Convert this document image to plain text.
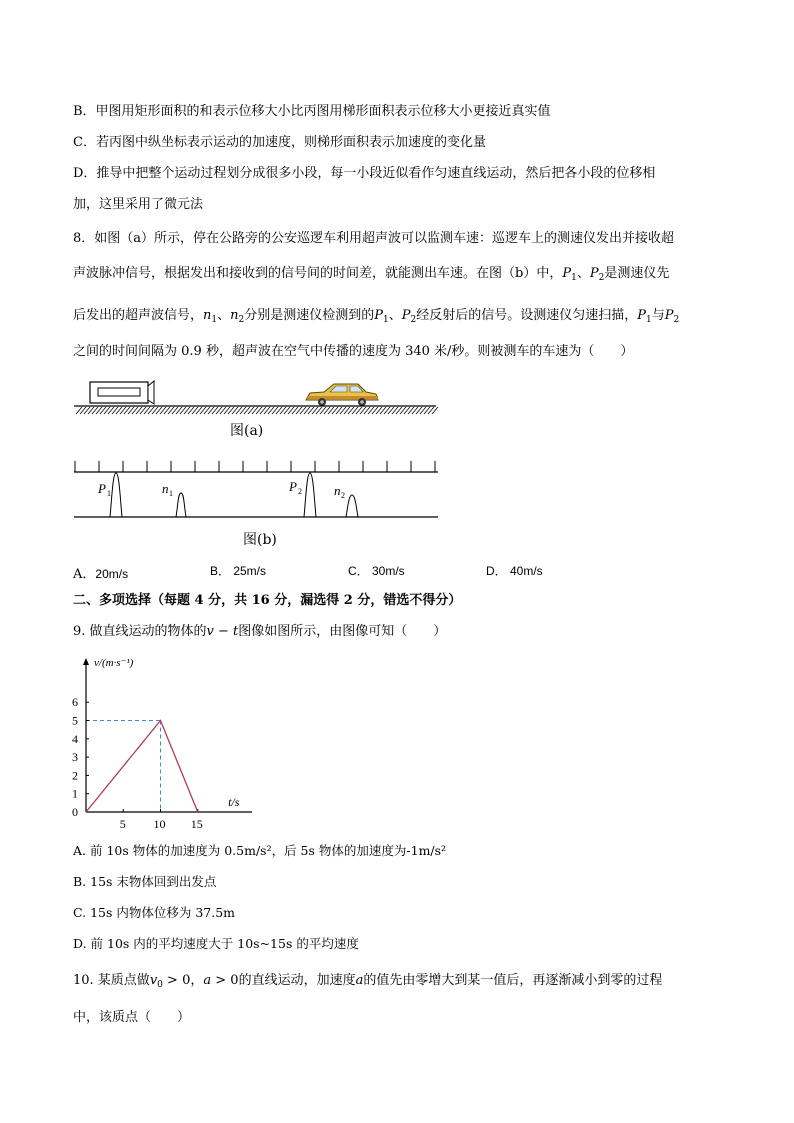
B．甲图用矩形面积的和表示位移大小比丙图用梯形面积表示位移大小更接近真实值
C．若丙图中纵坐标表示运动的加速度，则梯形面积表示加速度的变化量
D．推导中把整个运动过程划分成很多小段，每一小段近似看作匀速直线运动，然后把各小段的位移相
加，这里采用了微元法
8．如图（a）所示，停在公路旁的公安巡逻车利用超声波可以监测车速：巡逻车上的测速仪发出并接收超
声波脉冲信号，根据发出和接收到的信号间的时间差，就能测出车速。在图（b）中，$P_1$、$P_2$是测速仪先
后发出的超声波信号，$n_1$、$n_2$分别是测速仪检测到的$P_1$、$P_2$经反射后的信号。设测速仪匀速扫描，$P_1$与$P_2$
之间的时间间隔为 0.9 秒，超声波在空气中传播的速度为 340 米/秒。则被测车的车速为（　　）
图(a)
P 1	n 1	P 2 n 2
图(b)
A．20m/s	B． 25m/s	C． 30m/s	D． 40m/s
二、多项选择（每题 4 分，共 16 分，漏选得 2 分，错选不得分）
9. 做直线运动的物体的v − t图像如图所示，由图像可知（　　）
v/(m·s⁻¹)
t/s
0
1
2
3
4
5
6
5 10 15
A. 前 10s 物体的加速度为 0.5m/s²，后 5s 物体的加速度为-1m/s²
B. 15s 末物体回到出发点
C. 15s 内物体位移为 37.5m
D. 前 10s 内的平均速度大于 10s~15s 的平均速度
10. 某质点做$v_0 > 0$，a > 0的直线运动，加速度a的值先由零增大到某一值后，再逐渐减小到零的过程
中，该质点（　　）
